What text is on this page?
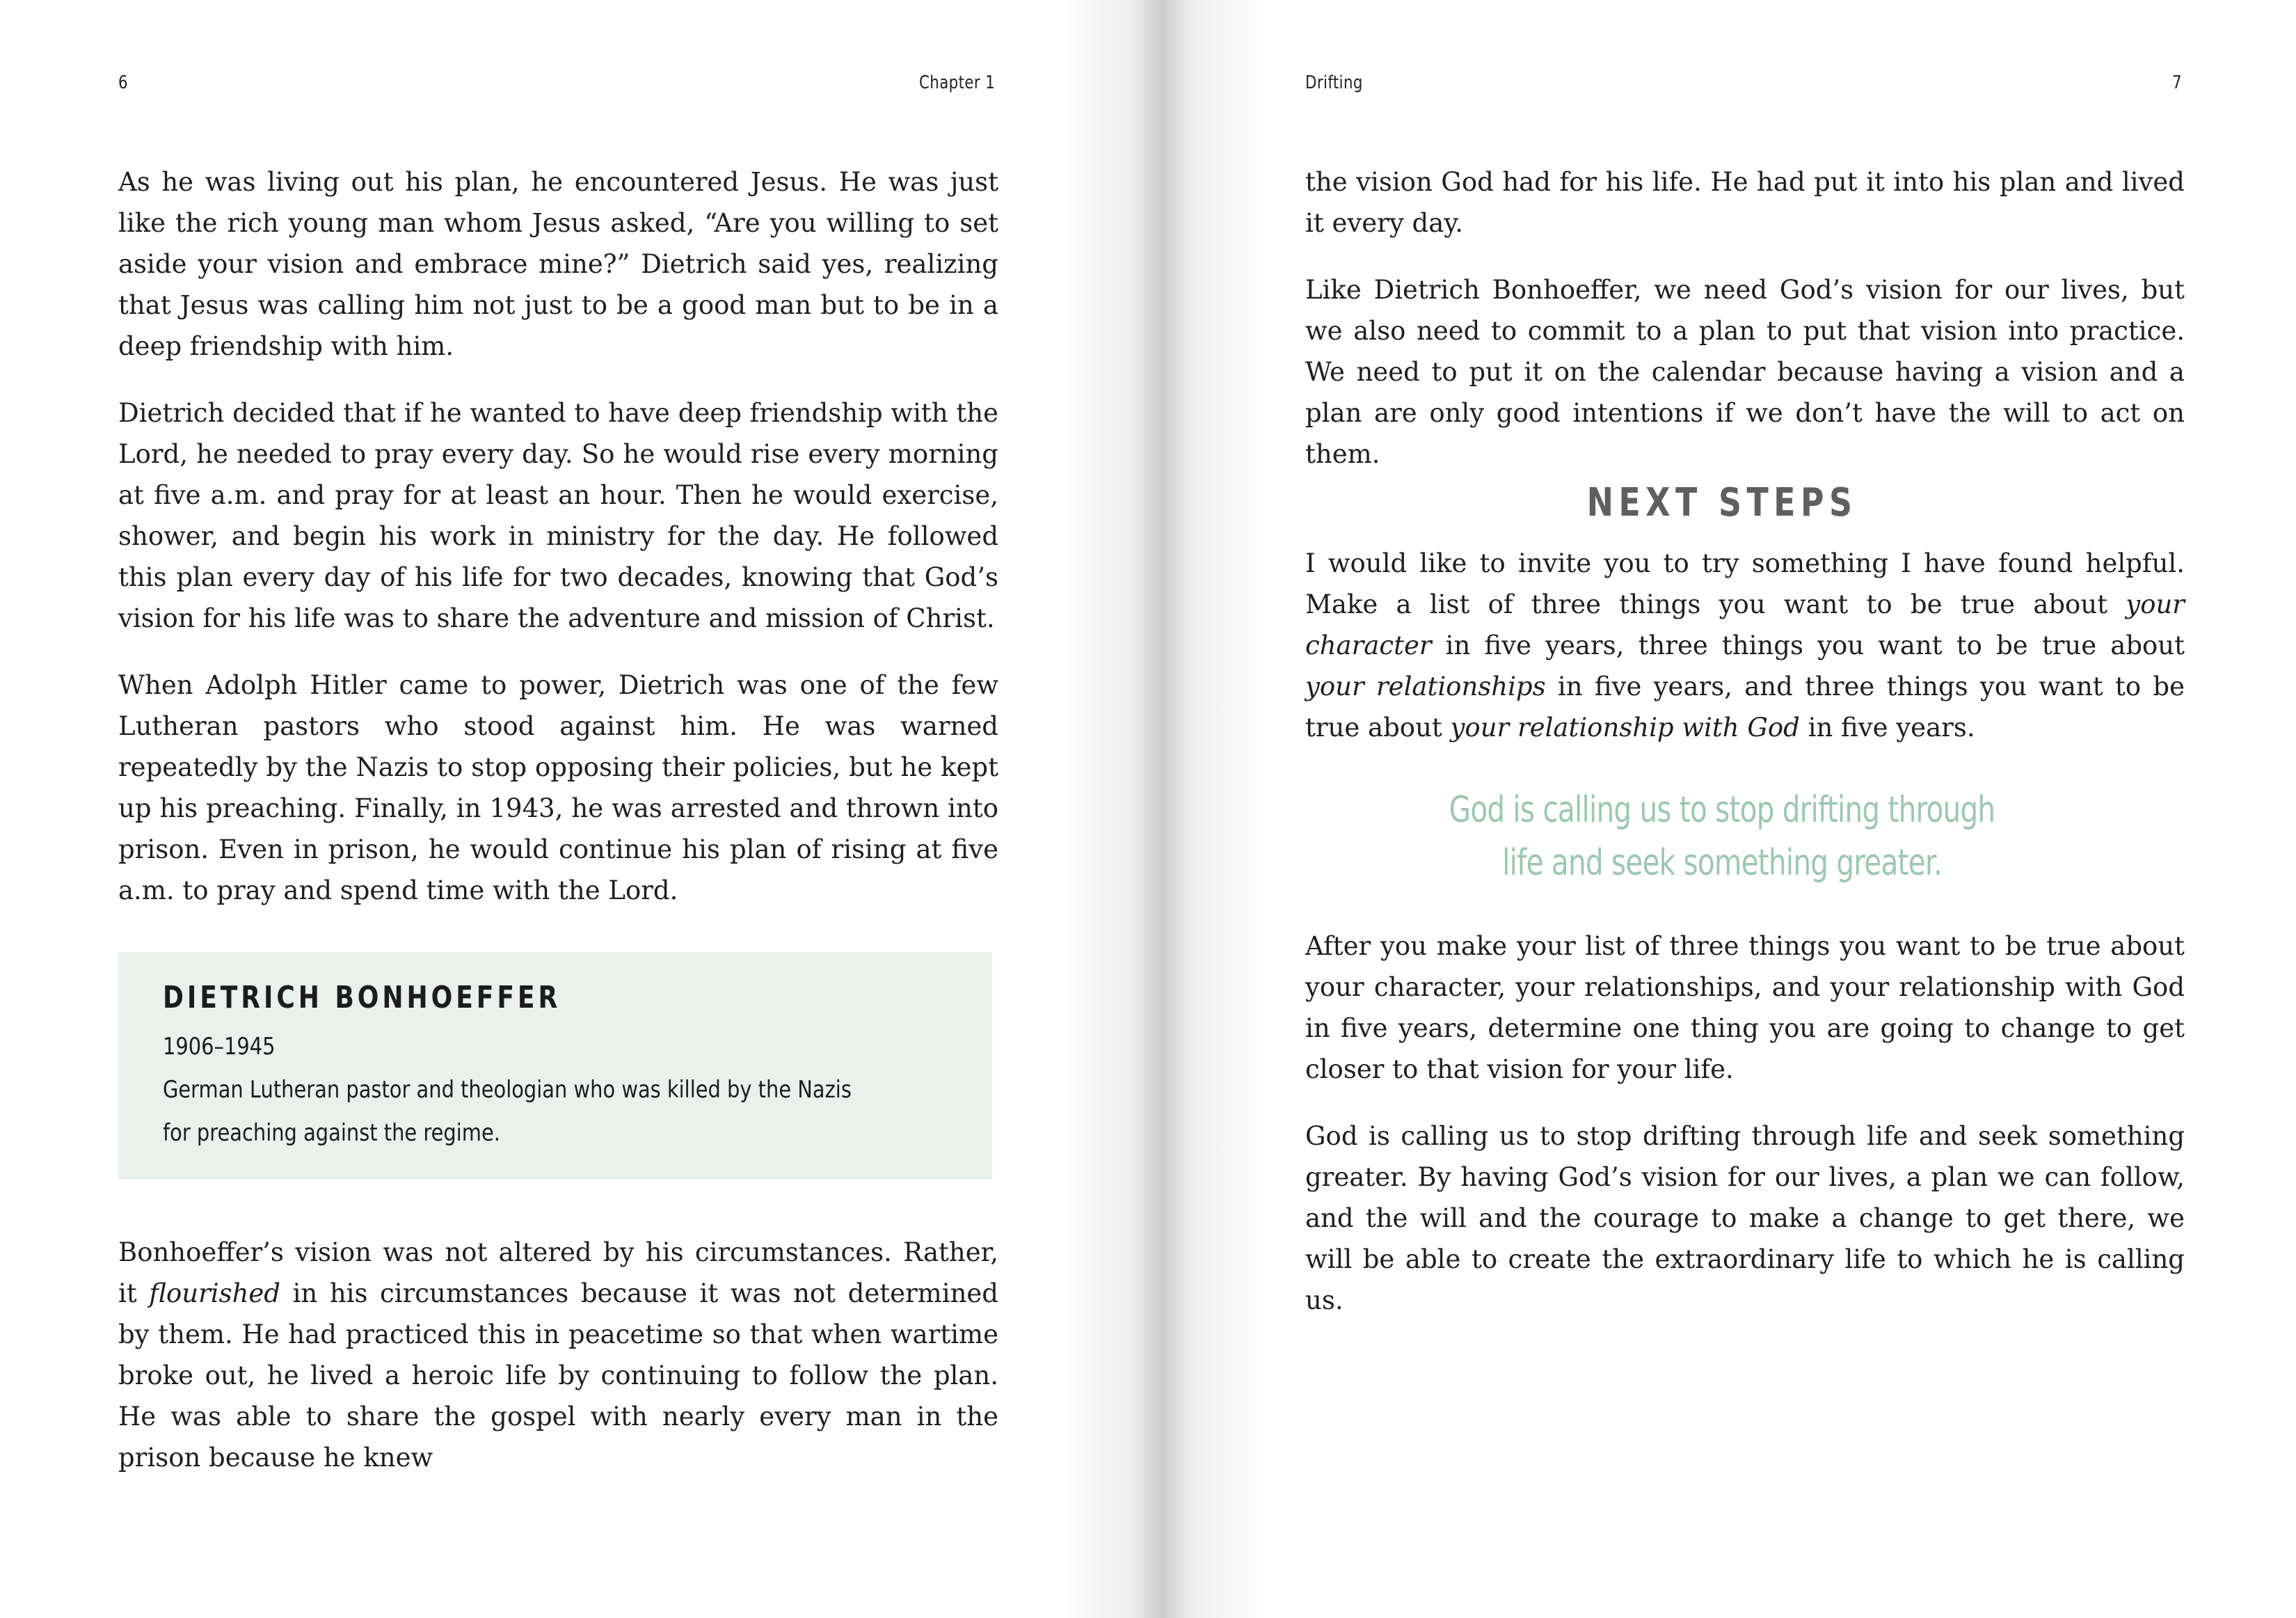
6	Chapter 1

As he was living out his plan, he encountered Jesus. He was just like the rich young man whom Jesus asked, “Are you willing to set aside your vision and embrace mine?” Dietrich said yes, realizing that Jesus was calling him not just to be a good man but to be in a deep friendship with him.

Dietrich decided that if he wanted to have deep friendship with the Lord, he needed to pray every day. So he would rise every morning at five a.m. and pray for at least an hour. Then he would exercise, shower, and begin his work in ministry for the day. He followed this plan every day of his life for two decades, knowing that God’s vision for his life was to share the adventure and mission of Christ.

When Adolph Hitler came to power, Dietrich was one of the few Lutheran pastors who stood against him. He was warned repeatedly by the Nazis to stop opposing their policies, but he kept up his preaching. Finally, in 1943, he was arrested and thrown into prison. Even in prison, he would continue his plan of rising at five a.m. to pray and spend time with the Lord.

DIETRICH BONHOEFFER
1906–1945
German Lutheran pastor and theologian who was killed by the Nazis
for preaching against the regime.

Bonhoeffer’s vision was not altered by his circumstances. Rather, it flourished in his circumstances because it was not determined by them. He had practiced this in peacetime so that when wartime broke out, he lived a heroic life by continuing to follow the plan. He was able to share the gospel with nearly every man in the prison because he knew

Drifting	7

the vision God had for his life. He had put it into his plan and lived it every day.

Like Dietrich Bonhoeffer, we need God’s vision for our lives, but we also need to commit to a plan to put that vision into practice. We need to put it on the calendar because having a vision and a plan are only good intentions if we don’t have the will to act on them.

NEXT STEPS

I would like to invite you to try something I have found helpful. Make a list of three things you want to be true about your character in five years, three things you want to be true about your relationships in five years, and three things you want to be true about your relationship with God in five years.

God is calling us to stop drifting through
life and seek something greater.

After you make your list of three things you want to be true about your character, your relationships, and your relationship with God in five years, determine one thing you are going to change to get closer to that vision for your life.

God is calling us to stop drifting through life and seek something greater. By having God’s vision for our lives, a plan we can follow, and the will and the courage to make a change to get there, we will be able to create the extraordinary life to which he is calling us.
